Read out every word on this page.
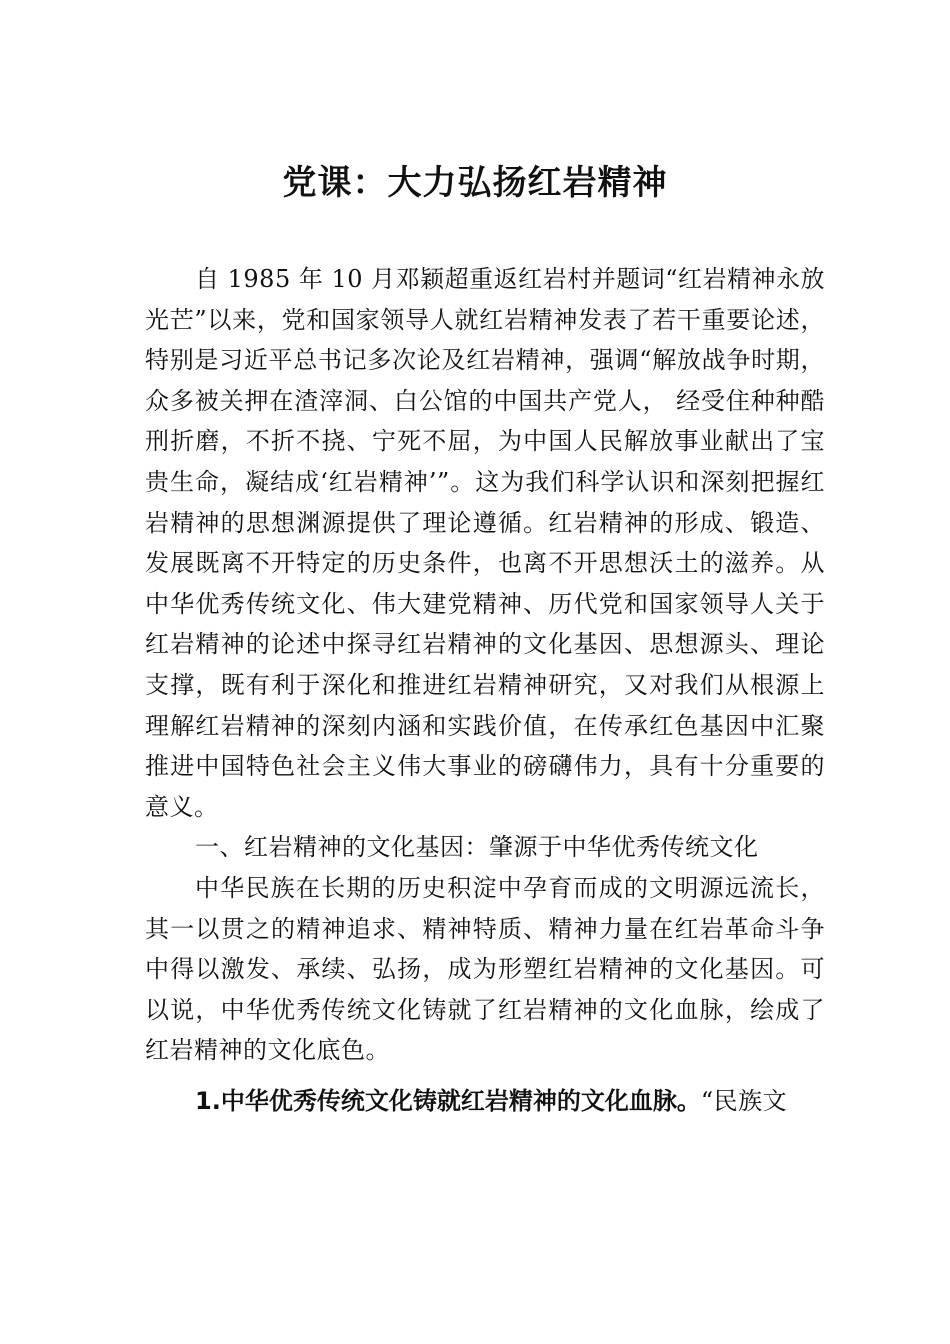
党课：大力弘扬红岩精神

自 1985 年 10 月邓颖超重返红岩村并题词“红岩精神永放光芒”以来，党和国家领导人就红岩精神发表了若干重要论述，特别是习近平总书记多次论及红岩精神，强调“解放战争时期，众多被关押在渣滓洞、白公馆的中国共产党人， 经受住种种酷刑折磨，不折不挠、宁死不屈，为中国人民解放事业献出了宝贵生命，凝结成‘红岩精神’”。这为我们科学认识和深刻把握红岩精神的思想渊源提供了理论遵循。红岩精神的形成、锻造、发展既离不开特定的历史条件，也离不开思想沃土的滋养。从中华优秀传统文化、伟大建党精神、历代党和国家领导人关于红岩精神的论述中探寻红岩精神的文化基因、思想源头、理论支撑，既有利于深化和推进红岩精神研究，又对我们从根源上理解红岩精神的深刻内涵和实践价值，在传承红色基因中汇聚推进中国特色社会主义伟大事业的磅礴伟力，具有十分重要的意义。

一、红岩精神的文化基因：肇源于中华优秀传统文化

中华民族在长期的历史积淀中孕育而成的文明源远流长，其一以贯之的精神追求、精神特质、精神力量在红岩革命斗争中得以激发、承续、弘扬，成为形塑红岩精神的文化基因。可以说，中华优秀传统文化铸就了红岩精神的文化血脉，绘成了红岩精神的文化底色。

1.中华优秀传统文化铸就红岩精神的文化血脉。“民族文
